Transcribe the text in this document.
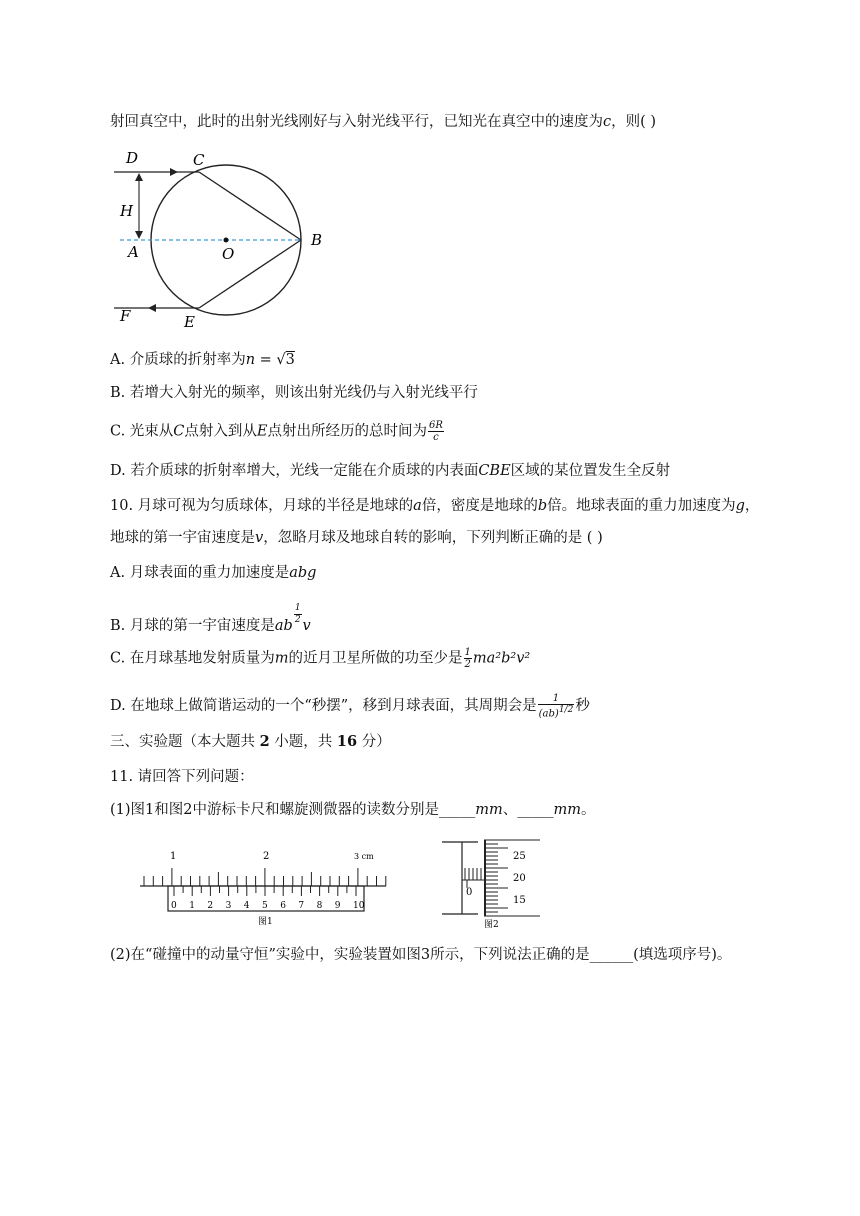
射回真空中，此时的出射光线刚好与入射光线平行，已知光在真空中的速度为c，则( )
D	C
H
A	O
B
F	E
A. 介质球的折射率为n = √3
B. 若增大入射光的频率，则该出射光线仍与入射光线平行
C. 光束从C点射入到从E点射出所经历的总时间为 $\frac{6R}{c}$
D. 若介质球的折射率增大，光线一定能在介质球的内表面CBE区域的某位置发生全反射
10. 月球可视为匀质球体，月球的半径是地球的a倍，密度是地球的b倍。地球表面的重力加速度为g，
地球的第一宇宙速度是v，忽略月球及地球自转的影响，下列判断正确的是 ( )
A. 月球表面的重力加速度是abg
B. 月球的第一宇宙速度是ab $\frac{1}{2}$ v
C. 在月球基地发射质量为m的近月卫星所做的功至少是 $\frac{1}{2} ma^2b^2v^2$
D. 在地球上做简谐运动的一个“秒摆”，移到月球表面，其周期会是 $\frac{1}{(ab)1/2}$ 秒
三、实验题（本大题共 2 小题，共 16 分）
11. 请回答下列问题：
(1)图1和图2中游标卡尺和螺旋测微器的读数分别是_____mm、_____mm。
1	2	3 cm
0 1 2 3 4 5 6 7 8 9 10
图1
25
20
15
0
图2
(2)在“碰撞中的动量守恒”实验中，实验装置如图3所示，下列说法正确的是______(填选项序号)。
